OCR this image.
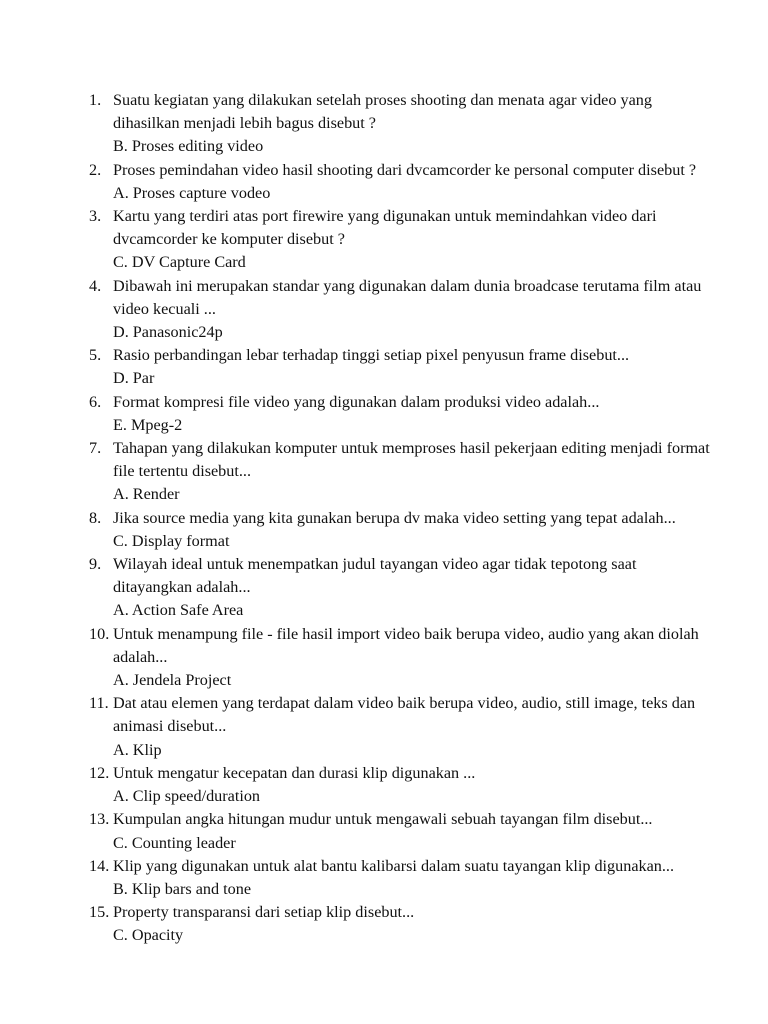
1. Suatu kegiatan yang dilakukan setelah proses shooting dan menata agar video yang dihasilkan menjadi lebih bagus disebut ?
B. Proses editing video
2. Proses pemindahan video hasil shooting dari dvcamcorder ke personal computer disebut ?
A. Proses capture vodeo
3. Kartu yang terdiri atas port firewire yang digunakan untuk memindahkan video dari dvcamcorder ke komputer disebut ?
C. DV Capture Card
4. Dibawah ini merupakan standar yang digunakan dalam dunia broadcase terutama film atau video kecuali ...
D. Panasonic24p
5. Rasio perbandingan lebar terhadap tinggi setiap pixel penyusun frame disebut...
D. Par
6. Format kompresi file video yang digunakan dalam produksi video adalah...
E. Mpeg-2
7. Tahapan yang dilakukan komputer untuk memproses hasil pekerjaan editing menjadi format file tertentu disebut...
A. Render
8. Jika source media yang kita gunakan berupa dv maka video setting yang tepat adalah...
C. Display format
9. Wilayah ideal untuk menempatkan judul tayangan video agar tidak tepotong saat ditayangkan adalah...
A. Action Safe Area
10. Untuk menampung file - file hasil import video baik berupa video, audio yang akan diolah adalah...
A. Jendela Project
11. Dat atau elemen yang terdapat dalam video baik berupa video, audio, still image, teks dan animasi disebut...
A. Klip
12. Untuk mengatur kecepatan dan durasi klip digunakan ...
A. Clip speed/duration
13. Kumpulan angka hitungan mudur untuk mengawali sebuah tayangan film disebut...
C. Counting leader
14. Klip yang digunakan untuk alat bantu kalibarsi dalam suatu tayangan klip digunakan...
B. Klip bars and tone
15. Property transparansi dari setiap klip disebut...
C. Opacity
